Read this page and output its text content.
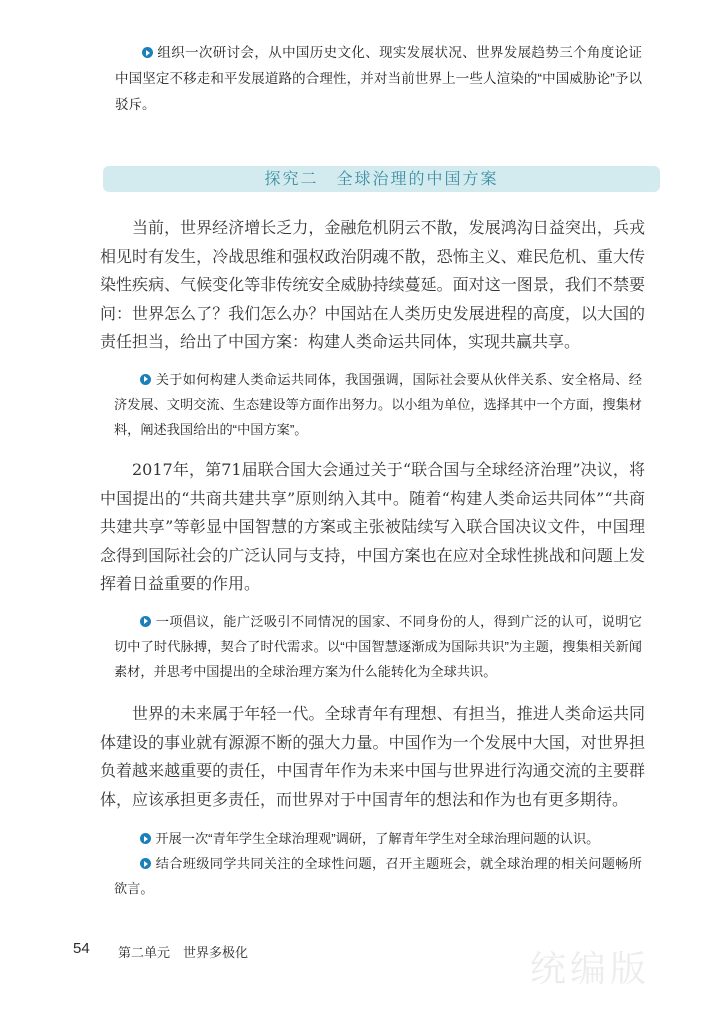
组织一次研讨会，从中国历史文化、现实发展状况、世界发展趋势三个角度论证中国坚定不移走和平发展道路的合理性，并对当前世界上一些人渲染的“中国威胁论”予以驳斥。

探究二　全球治理的中国方案

当前，世界经济增长乏力，金融危机阴云不散，发展鸿沟日益突出，兵戎相见时有发生，冷战思维和强权政治阴魂不散，恐怖主义、难民危机、重大传染性疾病、气候变化等非传统安全威胁持续蔓延。面对这一图景，我们不禁要问：世界怎么了？我们怎么办？中国站在人类历史发展进程的高度，以大国的责任担当，给出了中国方案：构建人类命运共同体，实现共赢共享。

关于如何构建人类命运共同体，我国强调，国际社会要从伙伴关系、安全格局、经济发展、文明交流、生态建设等方面作出努力。以小组为单位，选择其中一个方面，搜集材料，阐述我国给出的“中国方案”。

2017年，第71届联合国大会通过关于“联合国与全球经济治理”决议，将中国提出的“共商共建共享”原则纳入其中。随着“构建人类命运共同体”“共商共建共享”等彰显中国智慧的方案或主张被陆续写入联合国决议文件，中国理念得到国际社会的广泛认同与支持，中国方案也在应对全球性挑战和问题上发挥着日益重要的作用。

一项倡议，能广泛吸引不同情况的国家、不同身份的人，得到广泛的认可，说明它切中了时代脉搏，契合了时代需求。以“中国智慧逐渐成为国际共识”为主题，搜集相关新闻素材，并思考中国提出的全球治理方案为什么能转化为全球共识。

世界的未来属于年轻一代。全球青年有理想、有担当，推进人类命运共同体建设的事业就有源源不断的强大力量。中国作为一个发展中大国，对世界担负着越来越重要的责任，中国青年作为未来中国与世界进行沟通交流的主要群体，应该承担更多责任，而世界对于中国青年的想法和作为也有更多期待。

开展一次“青年学生全球治理观”调研，了解青年学生对全球治理问题的认识。

结合班级同学共同关注的全球性问题，召开主题班会，就全球治理的相关问题畅所欲言。

54 第二单元　世界多极化	统编版
